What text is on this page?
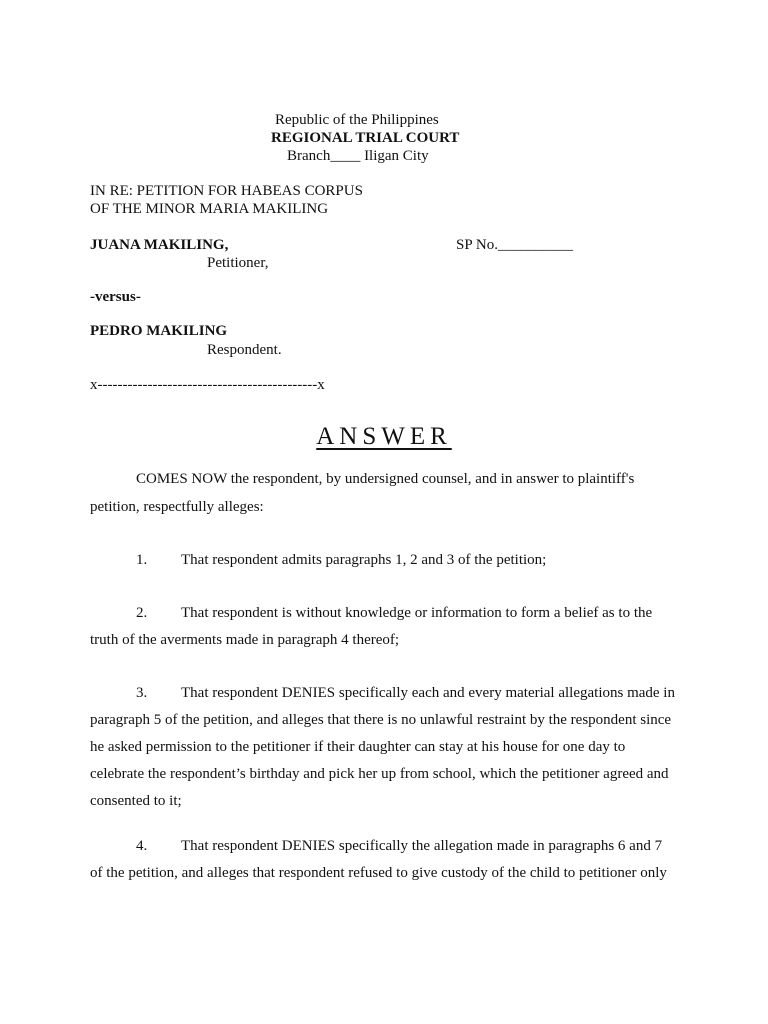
Republic of the Philippines
REGIONAL TRIAL COURT
Branch____ Iligan City
IN RE: PETITION FOR HABEAS CORPUS
OF THE MINOR MARIA MAKILING
JUANA MAKILING,	SP No.__________
Petitioner,
-versus-
PEDRO MAKILING
Respondent.
x--------------------------------------------x
ANSWER
COMES NOW the respondent, by undersigned counsel, and in answer to plaintiff's
petition, respectfully alleges:
1. That respondent admits paragraphs 1, 2 and 3 of the petition;
2. That respondent is without knowledge or information to form a belief as to the
truth of the averments made in paragraph 4 thereof;
3. That respondent DENIES specifically each and every material allegations made in
paragraph 5 of the petition, and alleges that there is no unlawful restraint by the respondent since
he asked permission to the petitioner if their daughter can stay at his house for one day to
celebrate the respondent’s birthday and pick her up from school, which the petitioner agreed and
consented to it;
4. That respondent DENIES specifically the allegation made in paragraphs 6 and 7
of the petition, and alleges that respondent refused to give custody of the child to petitioner only
